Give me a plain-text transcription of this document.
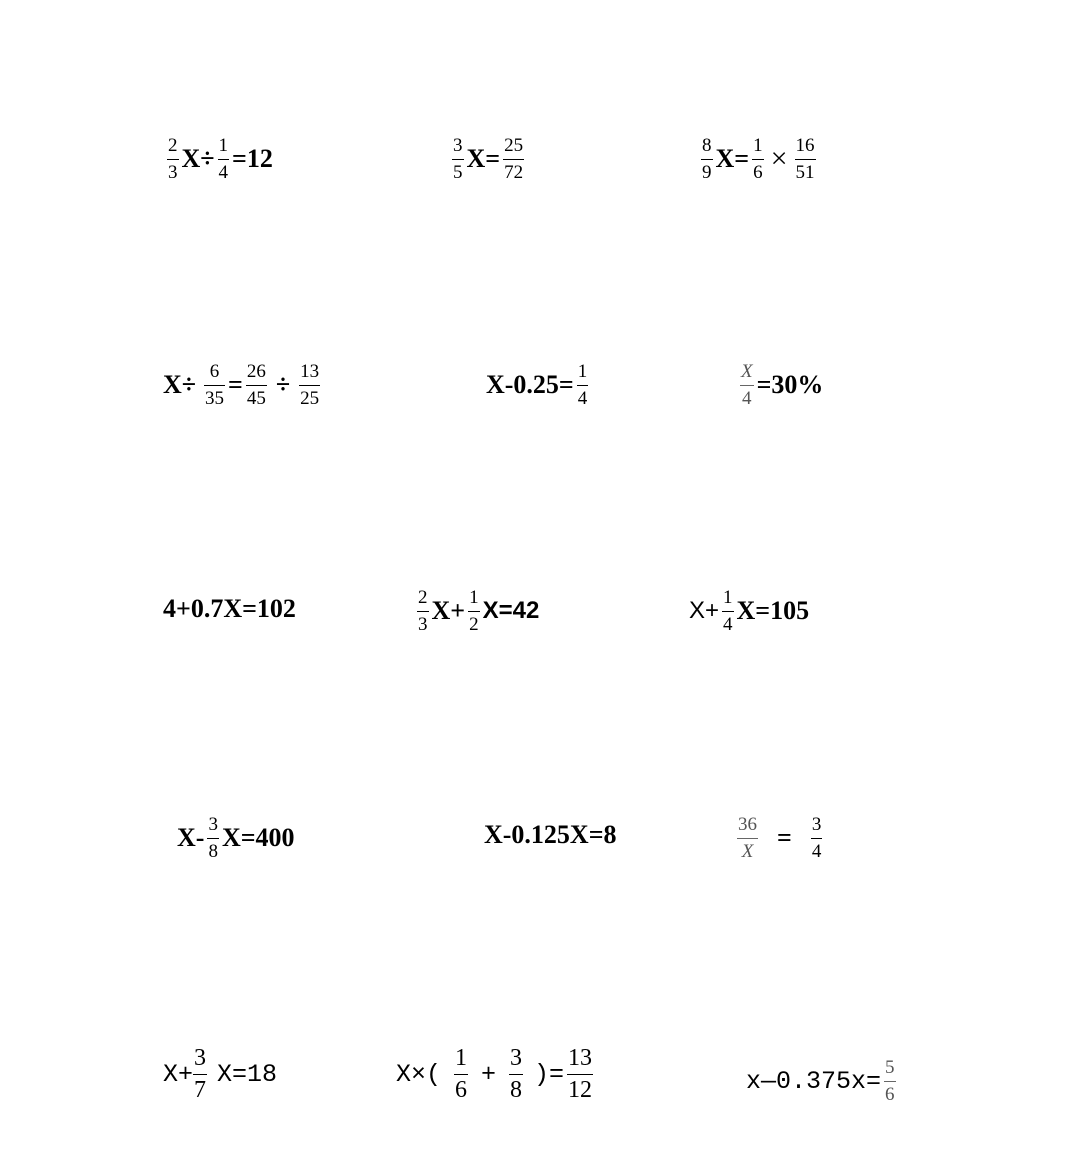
$\frac{2}{3} X\div \frac{1}{4} =12$	$\frac{3}{5} X= \frac{25}{72}$	$\frac{8}{9} X= \frac{1}{6} \times \frac{16}{51}$
$X\div \frac{6}{35} = \frac{26}{45} \div \frac{13}{25}$	$X-0.25= \frac{1}{4}$	$\frac{X}{4} =30\%$
4+0.7X=102	$\frac{2}{3} X+ \frac{1}{2} X=42$	$X+ \frac{1}{4} X=105$
$X- \frac{3}{8} X=400$	X-0.125X=8	$\frac{36}{X} = \frac{3}{4}$
$X+ \frac{3}{7} X=18$	$X\times( \frac{1}{6} + \frac{3}{8}$ )= $\frac{13}{12}$	x—0.375x= $\frac{5}{6}$
